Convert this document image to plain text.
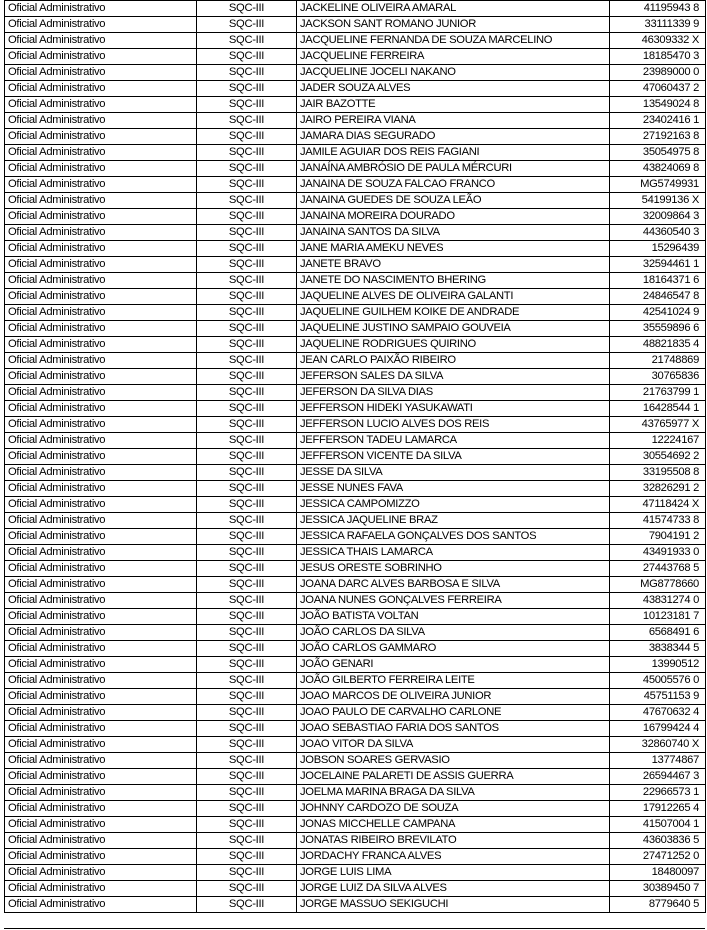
Oficial Administrativo	SQC-III	JACKELINE OLIVEIRA AMARAL	41195943 8
Oficial Administrativo	SQC-III	JACKSON SANT ROMANO JUNIOR	33111339 9
Oficial Administrativo	SQC-III	JACQUELINE FERNANDA DE SOUZA MARCELINO	46309332 X
Oficial Administrativo	SQC-III	JACQUELINE FERREIRA	18185470 3
Oficial Administrativo	SQC-III	JACQUELINE JOCELI NAKANO	23989000 0
Oficial Administrativo	SQC-III	JADER SOUZA ALVES	47060437 2
Oficial Administrativo	SQC-III	JAIR BAZOTTE	13549024 8
Oficial Administrativo	SQC-III	JAIRO PEREIRA VIANA	23402416 1
Oficial Administrativo	SQC-III	JAMARA DIAS SEGURADO	27192163 8
Oficial Administrativo	SQC-III	JAMILE AGUIAR DOS REIS FAGIANI	35054975 8
Oficial Administrativo	SQC-III	JANAÍNA AMBRÓSIO DE PAULA MÉRCURI	43824069 8
Oficial Administrativo	SQC-III	JANAINA DE SOUZA FALCAO FRANCO	MG5749931
Oficial Administrativo	SQC-III	JANAINA GUEDES DE SOUZA LEÃO	54199136 X
Oficial Administrativo	SQC-III	JANAINA MOREIRA DOURADO	32009864 3
Oficial Administrativo	SQC-III	JANAINA SANTOS DA SILVA	44360540 3
Oficial Administrativo	SQC-III	JANE MARIA AMEKU NEVES	15296439
Oficial Administrativo	SQC-III	JANETE BRAVO	32594461 1
Oficial Administrativo	SQC-III	JANETE DO NASCIMENTO BHERING	18164371 6
Oficial Administrativo	SQC-III	JAQUELINE ALVES DE OLIVEIRA GALANTI	24846547 8
Oficial Administrativo	SQC-III	JAQUELINE GUILHEM KOIKE DE ANDRADE	42541024 9
Oficial Administrativo	SQC-III	JAQUELINE JUSTINO SAMPAIO GOUVEIA	35559896 6
Oficial Administrativo	SQC-III	JAQUELINE RODRIGUES QUIRINO	48821835 4
Oficial Administrativo	SQC-III	JEAN CARLO PAIXÃO RIBEIRO	21748869
Oficial Administrativo	SQC-III	JEFERSON SALES DA SILVA	30765836
Oficial Administrativo	SQC-III	JEFERSON DA SILVA DIAS	21763799 1
Oficial Administrativo	SQC-III	JEFFERSON HIDEKI YASUKAWATI	16428544 1
Oficial Administrativo	SQC-III	JEFFERSON LUCIO ALVES DOS REIS	43765977 X
Oficial Administrativo	SQC-III	JEFFERSON TADEU LAMARCA	12224167
Oficial Administrativo	SQC-III	JEFFERSON VICENTE DA SILVA	30554692 2
Oficial Administrativo	SQC-III	JESSE DA SILVA	33195508 8
Oficial Administrativo	SQC-III	JESSE NUNES FAVA	32826291 2
Oficial Administrativo	SQC-III	JESSICA CAMPOMIZZO	47118424 X
Oficial Administrativo	SQC-III	JESSICA JAQUELINE BRAZ	41574733 8
Oficial Administrativo	SQC-III	JESSICA RAFAELA GONÇALVES DOS SANTOS	7904191 2
Oficial Administrativo	SQC-III	JESSICA THAIS LAMARCA	43491933 0
Oficial Administrativo	SQC-III	JESUS ORESTE SOBRINHO	27443768 5
Oficial Administrativo	SQC-III	JOANA DARC ALVES BARBOSA E SILVA	MG8778660
Oficial Administrativo	SQC-III	JOANA NUNES GONÇALVES FERREIRA	43831274 0
Oficial Administrativo	SQC-III	JOÃO BATISTA VOLTAN	10123181 7
Oficial Administrativo	SQC-III	JOÃO CARLOS DA SILVA	6568491 6
Oficial Administrativo	SQC-III	JOÃO CARLOS GAMMARO	3838344 5
Oficial Administrativo	SQC-III	JOÃO GENARI	13990512
Oficial Administrativo	SQC-III	JOÃO GILBERTO FERREIRA LEITE	45005576 0
Oficial Administrativo	SQC-III	JOAO MARCOS DE OLIVEIRA JUNIOR	45751153 9
Oficial Administrativo	SQC-III	JOAO PAULO DE CARVALHO CARLONE	47670632 4
Oficial Administrativo	SQC-III	JOAO SEBASTIAO FARIA DOS SANTOS	16799424 4
Oficial Administrativo	SQC-III	JOAO VITOR DA SILVA	32860740 X
Oficial Administrativo	SQC-III	JOBSON SOARES GERVASIO	13774867
Oficial Administrativo	SQC-III	JOCELAINE PALARETI DE ASSIS GUERRA	26594467 3
Oficial Administrativo	SQC-III	JOELMA MARINA BRAGA DA SILVA	22966573 1
Oficial Administrativo	SQC-III	JOHNNY CARDOZO DE SOUZA	17912265 4
Oficial Administrativo	SQC-III	JONAS MICCHELLE CAMPANA	41507004 1
Oficial Administrativo	SQC-III	JONATAS RIBEIRO BREVILATO	43603836 5
Oficial Administrativo	SQC-III	JORDACHY FRANCA ALVES	27471252 0
Oficial Administrativo	SQC-III	JORGE LUIS LIMA	18480097
Oficial Administrativo	SQC-III	JORGE LUIZ DA SILVA ALVES	30389450 7
Oficial Administrativo	SQC-III	JORGE MASSUO SEKIGUCHI	8779640 5
